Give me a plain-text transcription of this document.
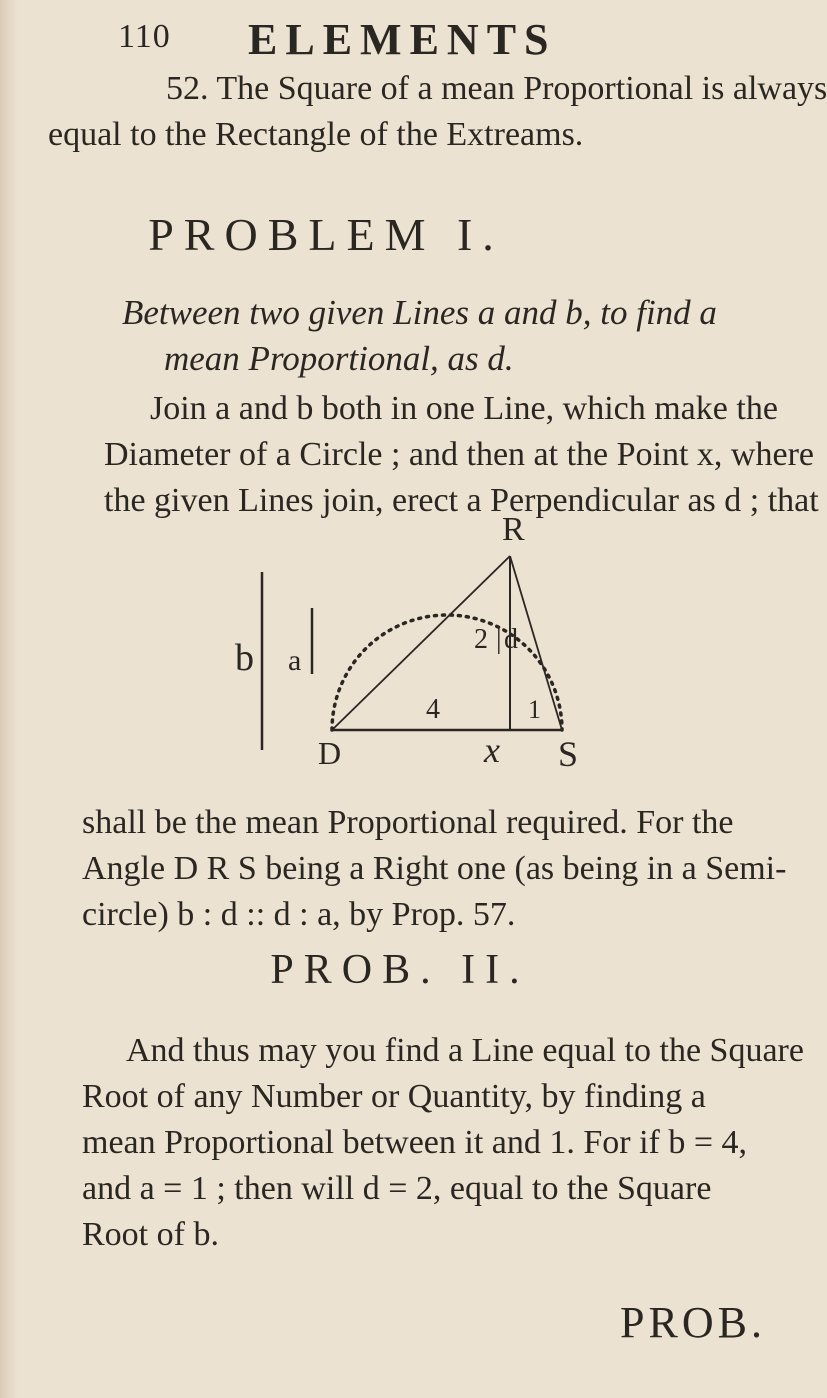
110 ELEMENTS
52. The Square of a mean Proportional is always
equal to the Rectangle of the Extreams.
PROBLEM I.
Between two given Lines a and b, to find a
mean Proportional, as d.
Join a and b both in one Line, which make the
Diameter of a Circle ; and then at the Point x, where
the given Lines join, erect a Perpendicular as d ; that
R
b a
2 | d
4	1
D	x S
shall be the mean Proportional required. For the
Angle D R S being a Right one (as being in a Semi-
circle) b : d :: d : a, by Prop. 57.
PROB. II.
And thus may you find a Line equal to the Square
Root of any Number or Quantity, by finding a
mean Proportional between it and 1. For if b = 4,
and a = 1 ; then will d = 2, equal to the Square
Root of b.
PROB.
